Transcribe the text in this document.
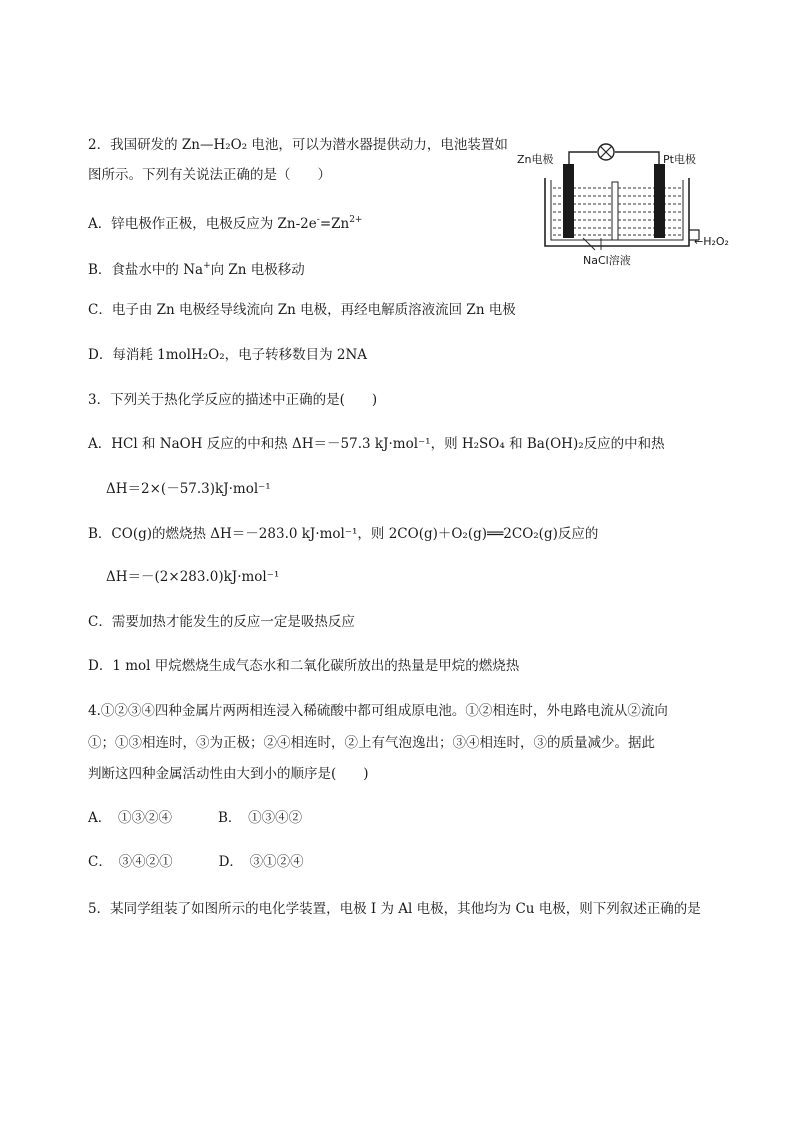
2．我国研发的 Zn—H₂O₂ 电池，可以为潜水器提供动力，电池装置如
图所示。下列有关说法正确的是（　　）
A．锌电极作正极，电极反应为 $Zn-2e^-=Zn^{2+}$
B．食盐水中的 Na+向 Zn 电极移动
C．电子由 Zn 电极经导线流向 Zn 电极，再经电解质溶液流回 Zn 电极
D．每消耗 1molH₂O₂，电子转移数目为 2NA
Zn电极	Pt电极
←H₂O₂
NaCl溶液
3．下列关于热化学反应的描述中正确的是(　　)
A．HCl 和 NaOH 反应的中和热 ΔH＝－57.3 kJ·mol⁻¹，则 H₂SO₄ 和 Ba(OH)₂反应的中和热
ΔH＝2×(－57.3)kJ·mol⁻¹
B．CO(g)的燃烧热 ΔH＝－283.0 kJ·mol⁻¹，则 2CO(g)＋O₂(g)══2CO₂(g)反应的
ΔH＝－(2×283.0)kJ·mol⁻¹
C．需要加热才能发生的反应一定是吸热反应
D．1 mol 甲烷燃烧生成气态水和二氧化碳所放出的热量是甲烷的燃烧热
4.①②③④四种金属片两两相连浸入稀硫酸中都可组成原电池。①②相连时，外电路电流从②流向
①；①③相连时，③为正极；②④相连时，②上有气泡逸出；③④相连时，③的质量减少。据此
判断这四种金属活动性由大到小的顺序是(　　)
A．　①③②④	B．　①③④②
C．　③④②①	D．　③①②④
5．某同学组装了如图所示的电化学装置，电极 I 为 Al 电极，其他均为 Cu 电极，则下列叙述正确的是
